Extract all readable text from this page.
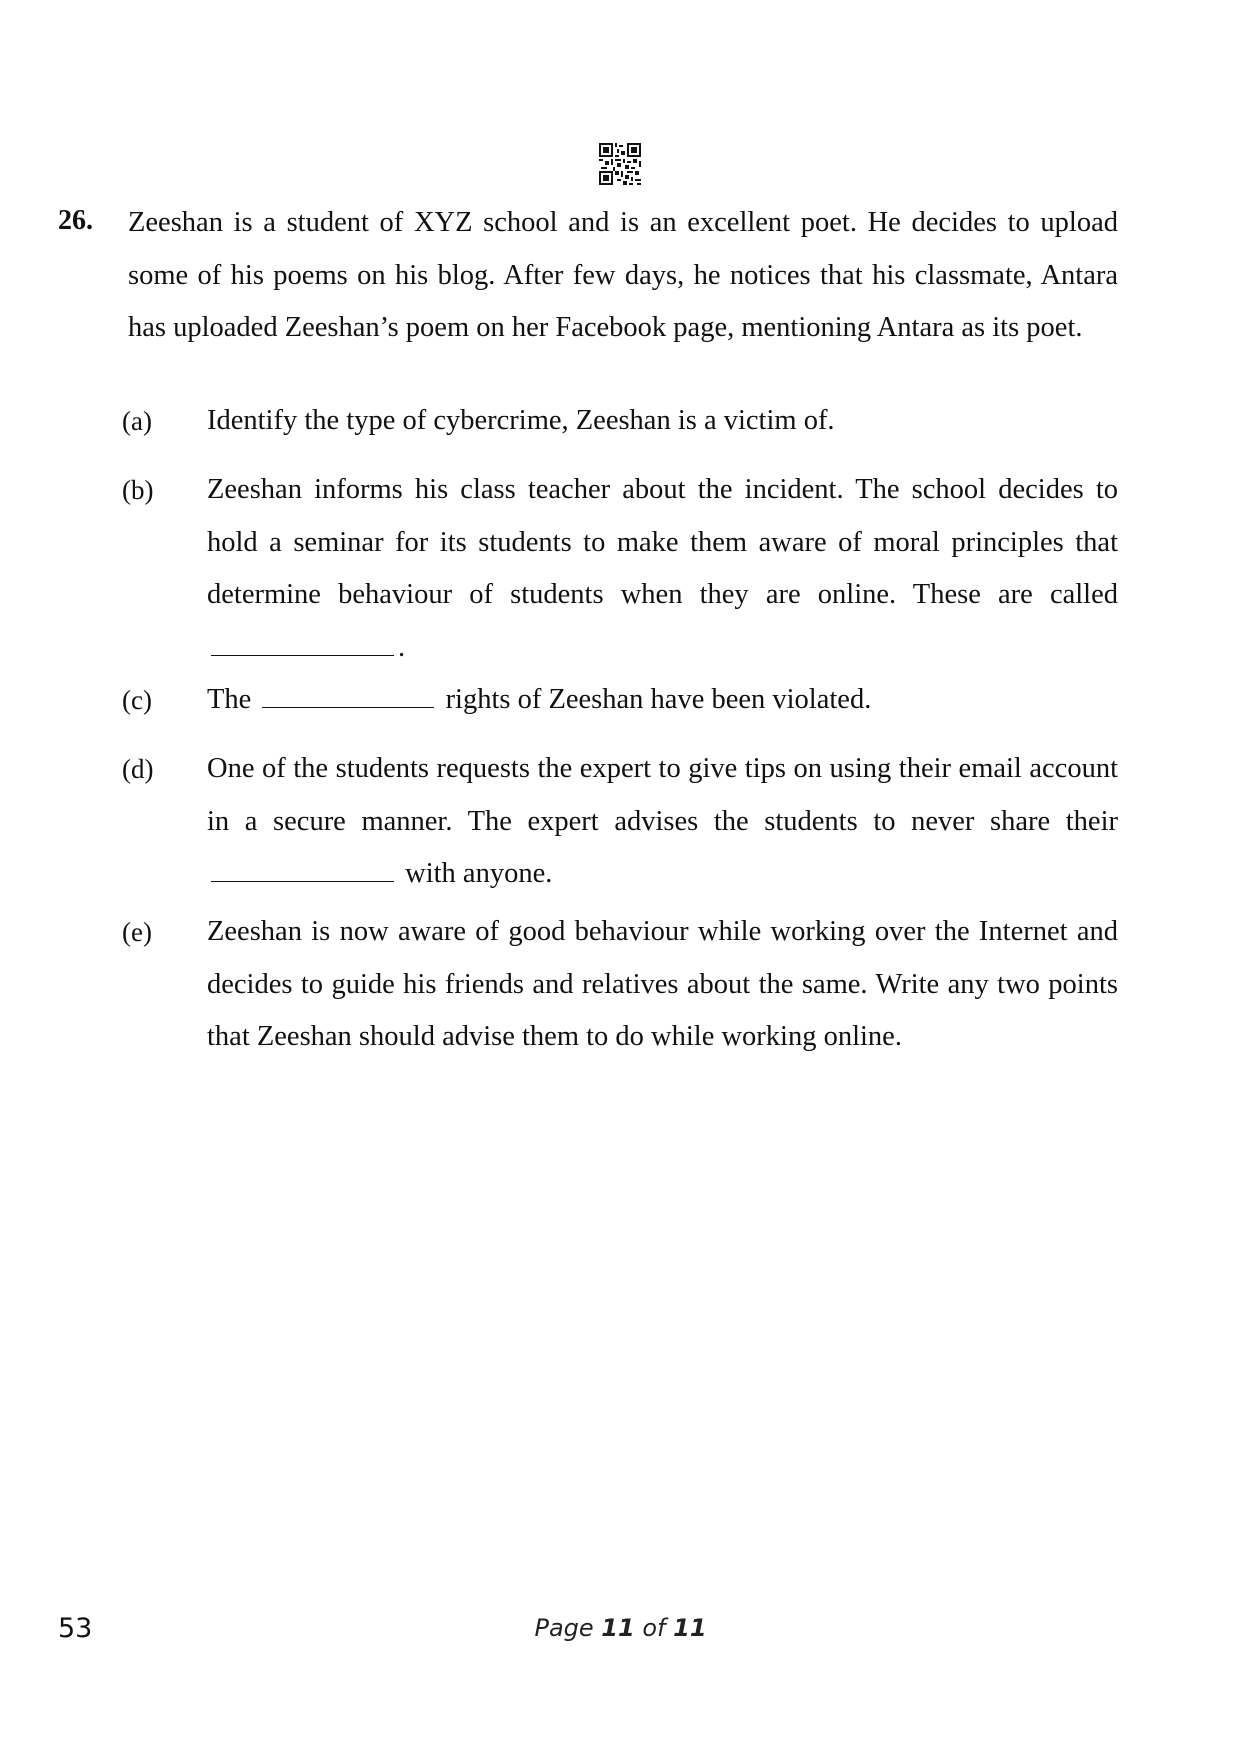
26. Zeeshan is a student of XYZ school and is an excellent poet. He decides to upload some of his poems on his blog. After few days, he notices that his classmate, Antara has uploaded Zeeshan’s poem on her Facebook page, mentioning Antara as its poet.

(a) Identify the type of cybercrime, Zeeshan is a victim of.

(b) Zeeshan informs his class teacher about the incident. The school decides to hold a seminar for its students to make them aware of moral principles that determine behaviour of students when they are online. These are called.

(c) The	rights of Zeeshan have been violated.

(d) One of the students requests the expert to give tips on using their email account in a secure manner. The expert advises the students to never share their  with anyone.

(e) Zeeshan is now aware of good behaviour while working over the Internet and decides to guide his friends and relatives about the same. Write any two points that Zeeshan should advise them to do while working online.

53	Page 11 of 11
